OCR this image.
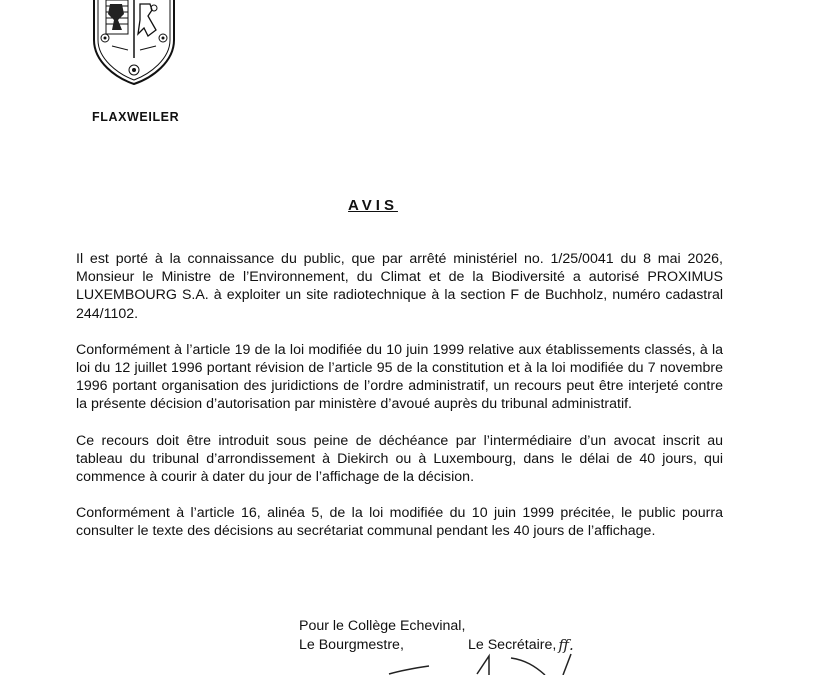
FLAXWEILER
AVIS

Il est porté à la connaissance du public, que par arrêté ministériel no. 1/25/0041 du 8 mai 2026, Monsieur le Ministre de l’Environnement, du Climat et de la Biodiversité a autorisé PROXIMUS LUXEMBOURG S.A. à exploiter un site radiotechnique à la section F de Buchholz, numéro cadastral 244/1102.

Conformément à l’article 19 de la loi modifiée du 10 juin 1999 relative aux établissements classés, à la loi du 12 juillet 1996 portant révision de l’article 95 de la constitution et à la loi modifiée du 7 novembre 1996 portant organisation des juridictions de l’ordre administratif, un recours peut être interjeté contre la présente décision d’autorisation par ministère d’avoué auprès du tribunal administratif.

Ce recours doit être introduit sous peine de déchéance par l’intermédiaire d’un avocat inscrit au tableau du tribunal d’arrondissement à Diekirch ou à Luxembourg, dans le délai de 40 jours, qui commence à courir à dater du jour de l’affichage de la décision.

Conformément à l’article 16, alinéa 5, de la loi modifiée du 10 juin 1999 précitée, le public pourra consulter le texte des décisions au secrétariat communal pendant les 40 jours de l’affichage.

Pour le Collège Echevinal,
Le Bourgmestre,	Le Secrétaire, ff.
